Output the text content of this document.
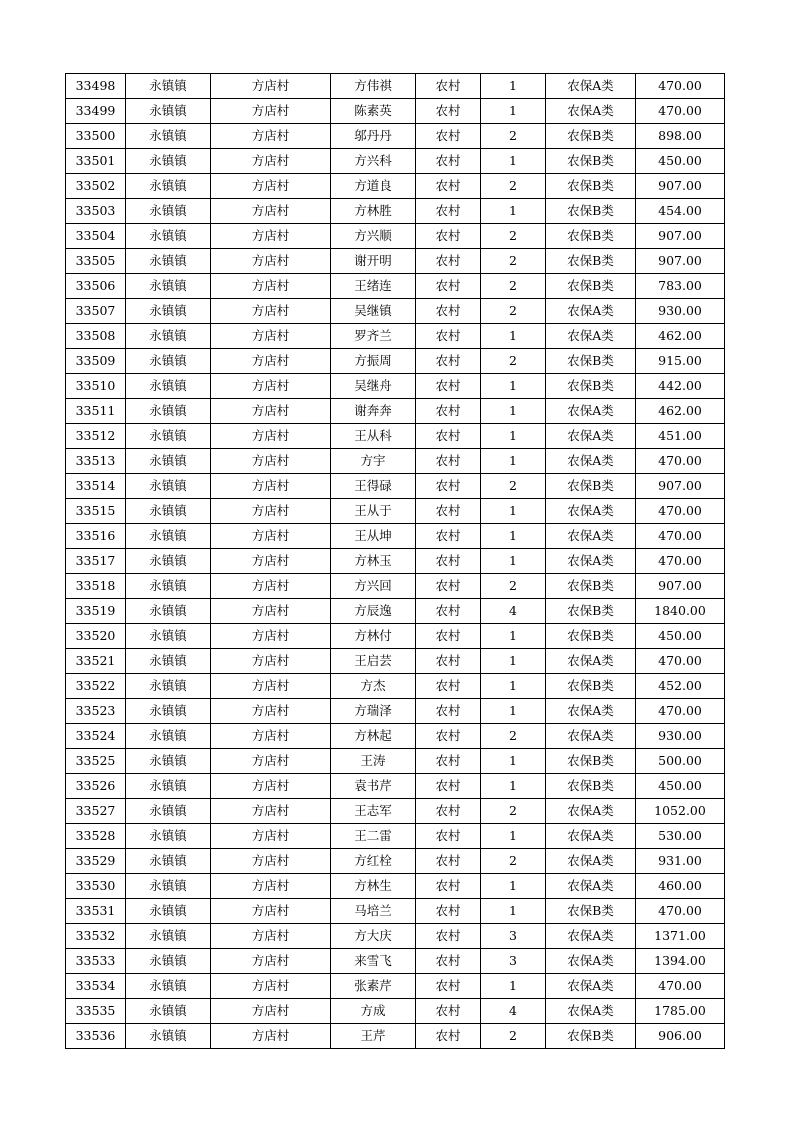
33498	永镇镇	方店村	方伟祺	农村	1	农保A类	470.00
33499	永镇镇	方店村	陈素英	农村	1	农保A类	470.00
33500	永镇镇	方店村	邬丹丹	农村	2	农保B类	898.00
33501	永镇镇	方店村	方兴科	农村	1	农保B类	450.00
33502	永镇镇	方店村	方道良	农村	2	农保B类	907.00
33503	永镇镇	方店村	方林胜	农村	1	农保B类	454.00
33504	永镇镇	方店村	方兴顺	农村	2	农保B类	907.00
33505	永镇镇	方店村	谢开明	农村	2	农保B类	907.00
33506	永镇镇	方店村	王绪连	农村	2	农保B类	783.00
33507	永镇镇	方店村	吴继镇	农村	2	农保A类	930.00
33508	永镇镇	方店村	罗齐兰	农村	1	农保A类	462.00
33509	永镇镇	方店村	方振周	农村	2	农保B类	915.00
33510	永镇镇	方店村	吴继舟	农村	1	农保B类	442.00
33511	永镇镇	方店村	谢奔奔	农村	1	农保A类	462.00
33512	永镇镇	方店村	王从科	农村	1	农保A类	451.00
33513	永镇镇	方店村	方宇	农村	1	农保A类	470.00
33514	永镇镇	方店村	王得碌	农村	2	农保B类	907.00
33515	永镇镇	方店村	王从于	农村	1	农保A类	470.00
33516	永镇镇	方店村	王从坤	农村	1	农保A类	470.00
33517	永镇镇	方店村	方林玉	农村	1	农保A类	470.00
33518	永镇镇	方店村	方兴回	农村	2	农保B类	907.00
33519	永镇镇	方店村	方辰逸	农村	4	农保B类	1840.00
33520	永镇镇	方店村	方林付	农村	1	农保B类	450.00
33521	永镇镇	方店村	王启芸	农村	1	农保A类	470.00
33522	永镇镇	方店村	方杰	农村	1	农保B类	452.00
33523	永镇镇	方店村	方瑞泽	农村	1	农保A类	470.00
33524	永镇镇	方店村	方林起	农村	2	农保A类	930.00
33525	永镇镇	方店村	王涛	农村	1	农保B类	500.00
33526	永镇镇	方店村	袁书芹	农村	1	农保B类	450.00
33527	永镇镇	方店村	王志军	农村	2	农保A类	1052.00
33528	永镇镇	方店村	王二雷	农村	1	农保A类	530.00
33529	永镇镇	方店村	方红栓	农村	2	农保A类	931.00
33530	永镇镇	方店村	方林生	农村	1	农保A类	460.00
33531	永镇镇	方店村	马培兰	农村	1	农保B类	470.00
33532	永镇镇	方店村	方大庆	农村	3	农保A类	1371.00
33533	永镇镇	方店村	来雪飞	农村	3	农保A类	1394.00
33534	永镇镇	方店村	张素芹	农村	1	农保A类	470.00
33535	永镇镇	方店村	方成	农村	4	农保A类	1785.00
33536	永镇镇	方店村	王芹	农村	2	农保B类	906.00
